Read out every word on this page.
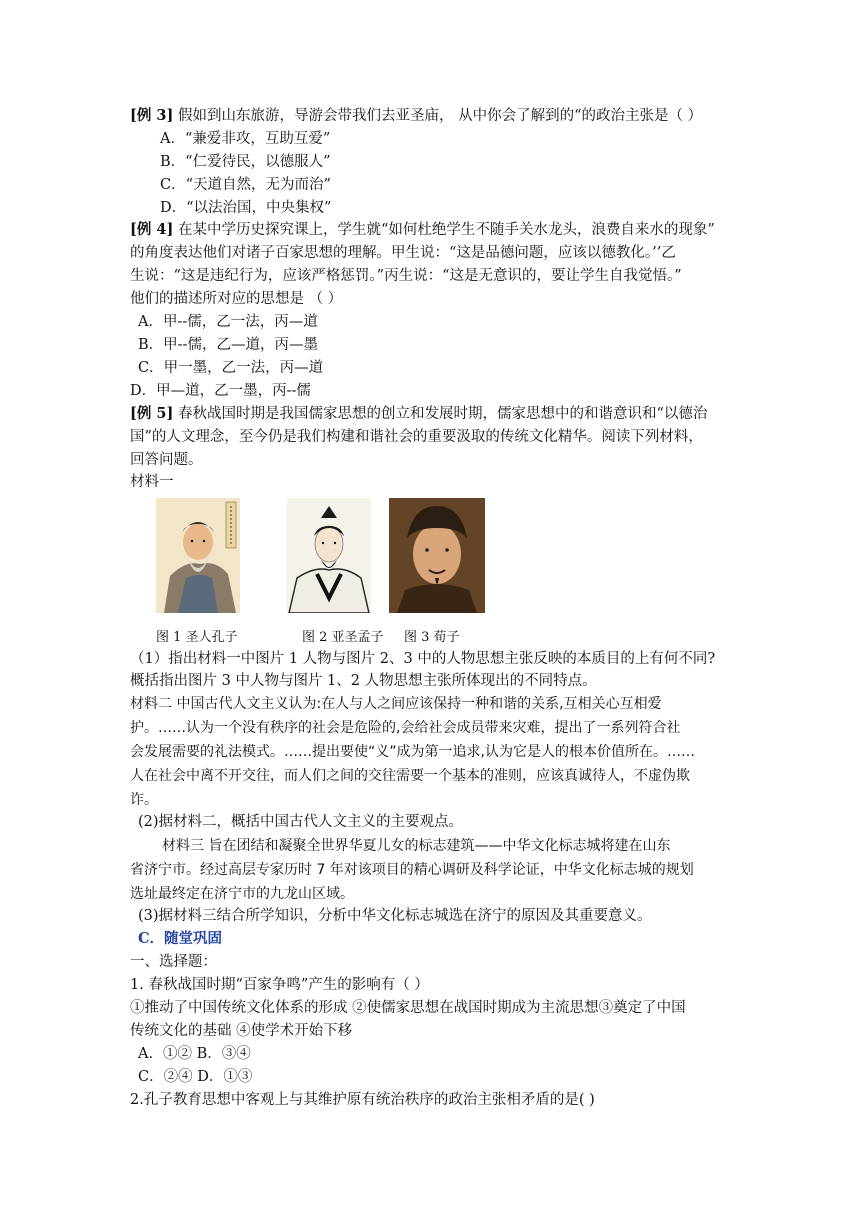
[例 3] 假如到山东旅游，导游会带我们去亚圣庙， 从中你会了解到的“的政治主张是（ ）
A．“兼爱非攻，互助互爱”
B．“仁爱待民，以德服人”
C．“天道自然，无为而治”
D．“以法治国，中央集权”
[例 4] 在某中学历史探究课上，学生就“如何杜绝学生不随手关水龙头，浪费自来水的现象”
的角度表达他们对诸子百家思想的理解。甲生说：“这是品德问题，应该以德教化。’’乙
生说：“这是违纪行为，应该严格惩罚。”丙生说：“这是无意识的，要让学生自我觉悟。”
他们的描述所对应的思想是 （ ）
A．甲--儒，乙一法，丙—道
B．甲--儒，乙—道，丙—墨
C．甲一墨，乙一法，丙—道
D．甲—道，乙一墨，丙--儒
[例 5] 春秋战国时期是我国儒家思想的创立和发展时期，儒家思想中的和谐意识和“以德治
国”的人文理念，至今仍是我们构建和谐社会的重要汲取的传统文化精华。阅读下列材料，
回答问题。
材料一
图 1 圣人孔子	图 2 亚圣孟子 图 3 荀子
（1）指出材料一中图片 1 人物与图片 2、3 中的人物思想主张反映的本质目的上有何不同?
概括指出图片 3 中人物与图片 1、2 人物思想主张所体现出的不同特点。
材料二 中国古代人文主义认为:在人与人之间应该保持一种和谐的关系,互相关心互相爱
护。……认为一个没有秩序的社会是危险的,会给社会成员带来灾难，提出了一系列符合社
会发展需要的礼法模式。……提出要使“义”成为第一追求,认为它是人的根本价值所在。……
人在社会中离不开交往，而人们之间的交往需要一个基本的准则，应该真诚待人，不虚伪欺
诈。
(2)据材料二，概括中国古代人文主义的主要观点。
材料三 旨在团结和凝聚全世界华夏儿女的标志建筑——中华文化标志城将建在山东
省济宁市。经过高层专家历时 7 年对该项目的精心调研及科学论证，中华文化标志城的规划
选址最终定在济宁市的九龙山区域。
(3)据材料三结合所学知识，分析中华文化标志城选在济宁的原因及其重要意义。
C．随堂巩固
一、选择题：
1. 春秋战国时期“百家争鸣”产生的影响有（ ）
①推动了中国传统文化体系的形成 ②使儒家思想在战国时期成为主流思想③奠定了中国
传统文化的基础 ④使学术开始下移
A．①② B．③④
C．②④ D．①③
2.孔子教育思想中客观上与其维护原有统治秩序的政治主张相矛盾的是( )
